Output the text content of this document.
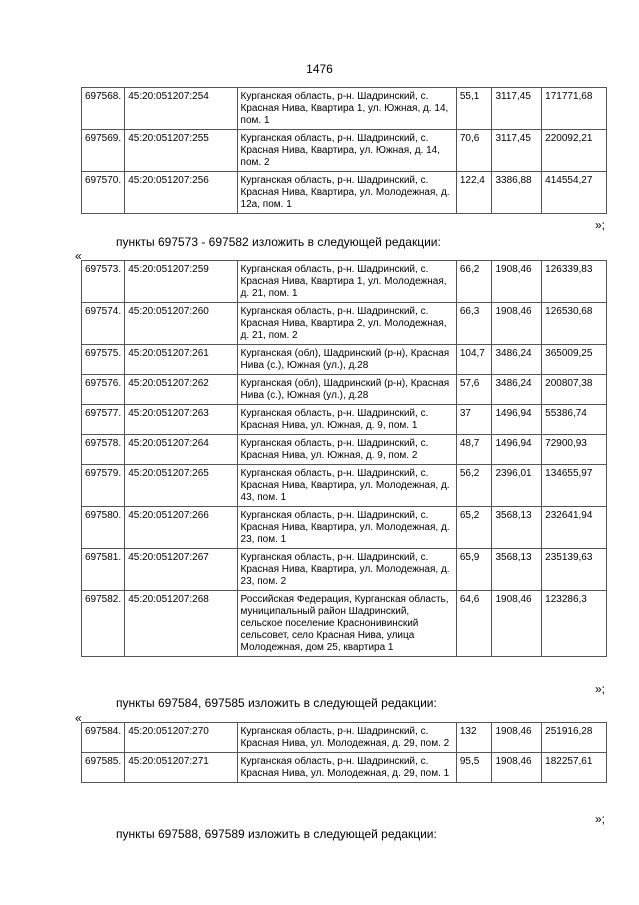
1476
697568.	45:20:051207:254	Курганская область, р-н. Шадринский, с. Красная Нива, Квартира 1, ул. Южная, д. 14, пом. 1	55,1	3117,45	171771,68
697569.	45:20:051207:255	Курганская область, р-н. Шадринский, с. Красная Нива, Квартира, ул. Южная, д. 14, пом. 2	70,6	3117,45	220092,21
697570.	45:20:051207:256	Курганская область, р-н. Шадринский, с. Красная Нива, Квартира, ул. Молодежная, д. 12а, пом. 1	122,4	3386,88	414554,27
»;
пункты 697573 - 697582 изложить в следующей редакции:
«
697573.	45:20:051207:259	Курганская область, р-н. Шадринский, с. Красная Нива, Квартира 1, ул. Молодежная, д. 21, пом. 1	66,2	1908,46	126339,83
697574.	45:20:051207:260	Курганская область, р-н. Шадринский, с. Красная Нива, Квартира 2, ул. Молодежная, д. 21, пом. 2	66,3	1908,46	126530,68
697575.	45:20:051207:261	Курганская (обл), Шадринский (р-н), Красная Нива (с.), Южная (ул.), д.28	104,7	3486,24	365009,25
697576.	45:20:051207:262	Курганская (обл), Шадринский (р-н), Красная Нива (с.), Южная (ул.), д.28	57,6	3486,24	200807,38
697577.	45:20:051207:263	Курганская область, р-н. Шадринский, с. Красная Нива, ул. Южная, д. 9, пом. 1	37	1496,94	55386,74
697578.	45:20:051207:264	Курганская область, р-н. Шадринский, с. Красная Нива, ул. Южная, д. 9, пом. 2	48,7	1496,94	72900,93
697579.	45:20:051207:265	Курганская область, р-н. Шадринский, с. Красная Нива, Квартира, ул. Молодежная, д. 43, пом. 1	56,2	2396,01	134655,97
697580.	45:20:051207:266	Курганская область, р-н. Шадринский, с. Красная Нива, Квартира, ул. Молодежная, д. 23, пом. 1	65,2	3568,13	232641,94
697581.	45:20:051207:267	Курганская область, р-н. Шадринский, с. Красная Нива, Квартира, ул. Молодежная, д. 23, пом. 2	65,9	3568,13	235139,63
697582.	45:20:051207:268	Российская Федерация, Курганская область, муниципальный район Шадринский, сельское поселение Краснонивинский сельсовет, село Красная Нива, улица Молодежная, дом 25, квартира 1	64,6	1908,46	123286,3
»;
пункты 697584, 697585 изложить в следующей редакции:
«
697584.	45:20:051207:270	Курганская область, р-н. Шадринский, с. Красная Нива, ул. Молодежная, д. 29, пом. 2	132	1908,46	251916,28
697585.	45:20:051207:271	Курганская область, р-н. Шадринский, с. Красная Нива, ул. Молодежная, д. 29, пом. 1	95,5	1908,46	182257,61
»;
пункты 697588, 697589 изложить в следующей редакции:
